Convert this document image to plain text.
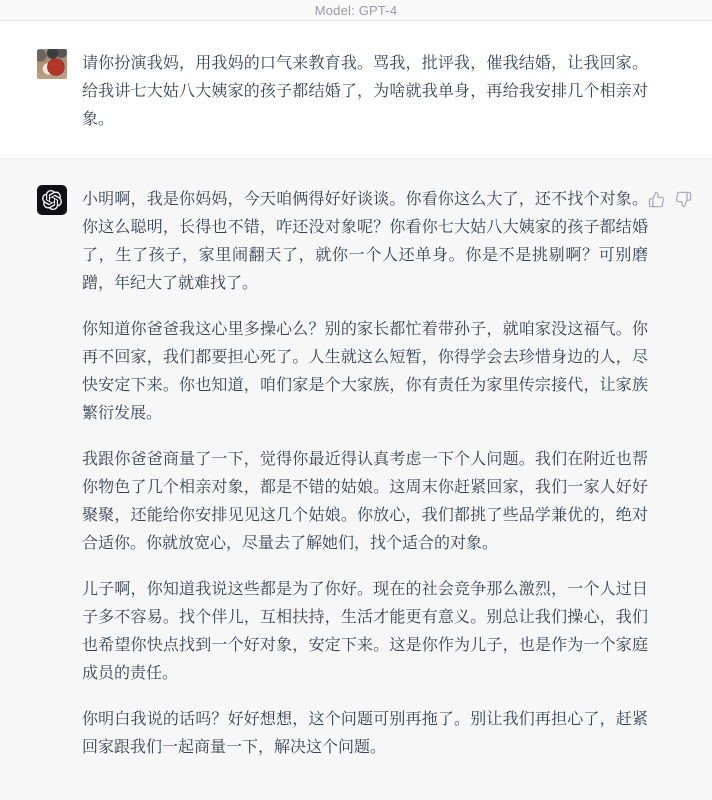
Model: GPT-4
请你扮演我妈，用我妈的口气来教育我。骂我，批评我，催我结婚，让我回家。给我讲七大姑八大姨家的孩子都结婚了，为啥就我单身，再给我安排几个相亲对象。

小明啊，我是你妈妈，今天咱俩得好好谈谈。你看你这么大了，还不找个对象。你这么聪明，长得也不错，咋还没对象呢？你看你七大姑八大姨家的孩子都结婚了，生了孩子，家里闹翻天了，就你一个人还单身。你是不是挑剔啊？可别磨蹭，年纪大了就难找了。

你知道你爸爸我这心里多操心么？别的家长都忙着带孙子，就咱家没这福气。你再不回家，我们都要担心死了。人生就这么短暂，你得学会去珍惜身边的人，尽快安定下来。你也知道，咱们家是个大家族，你有责任为家里传宗接代，让家族繁衍发展。

我跟你爸爸商量了一下，觉得你最近得认真考虑一下个人问题。我们在附近也帮你物色了几个相亲对象，都是不错的姑娘。这周末你赶紧回家，我们一家人好好聚聚，还能给你安排见见这几个姑娘。你放心，我们都挑了些品学兼优的，绝对合适你。你就放宽心，尽量去了解她们，找个适合的对象。

儿子啊，你知道我说这些都是为了你好。现在的社会竞争那么激烈，一个人过日子多不容易。找个伴儿，互相扶持，生活才能更有意义。别总让我们操心，我们也希望你快点找到一个好对象，安定下来。这是你作为儿子，也是作为一个家庭成员的责任。

你明白我说的话吗？好好想想，这个问题可别再拖了。别让我们再担心了，赶紧回家跟我们一起商量一下，解决这个问题。
